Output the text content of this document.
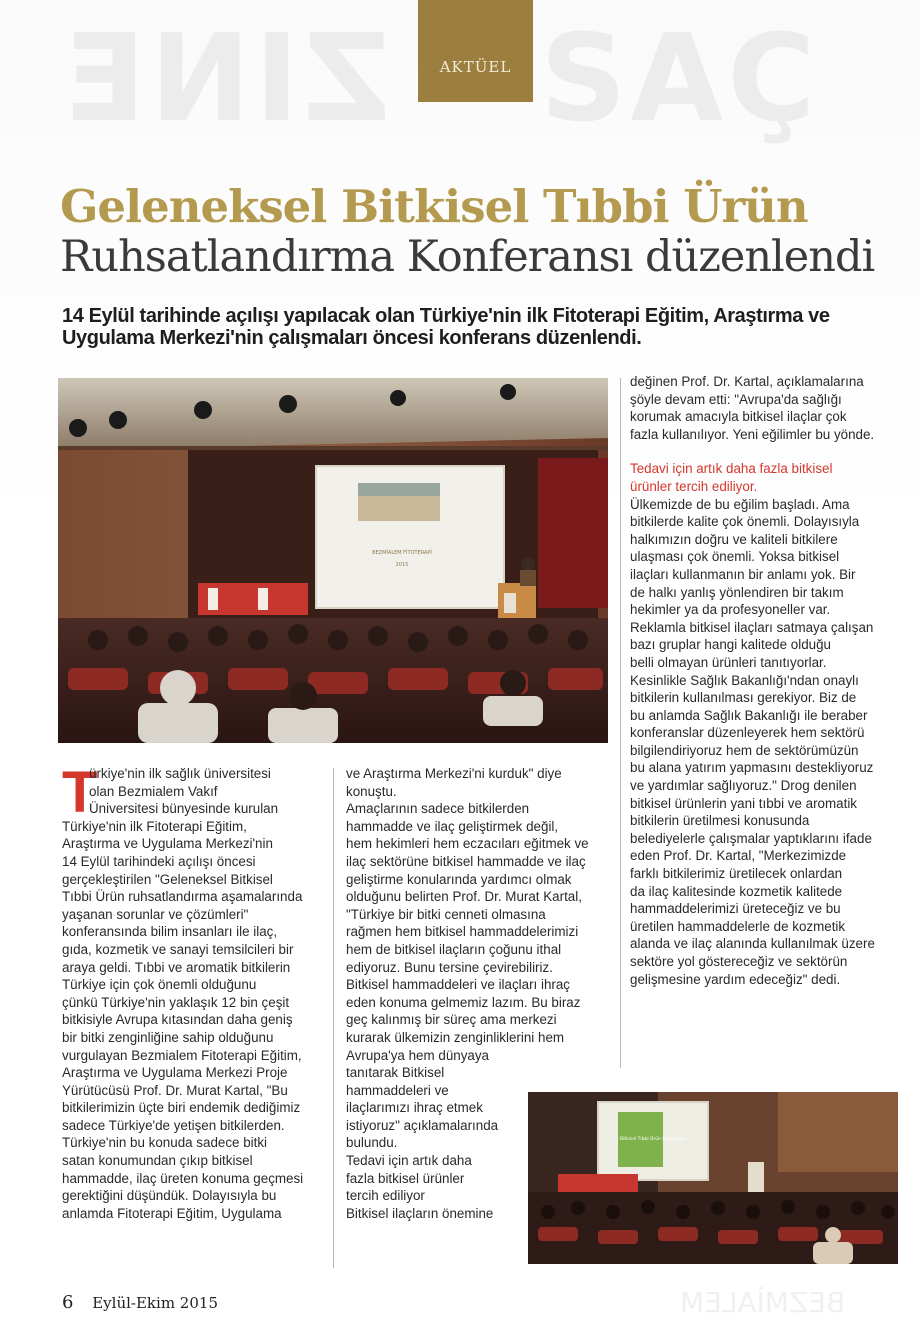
ZINE SAÇ
AKTÜEL
Geleneksel Bitkisel Tıbbi Ürün
Ruhsatlandırma Konferansı düzenlendi
14 Eylül tarihinde açılışı yapılacak olan Türkiye'nin ilk Fitoterapi Eğitim, Araştırma ve Uygulama Merkezi'nin çalışmaları öncesi konferans düzenlendi.
BEZMİALEM FİTOTERAPİ
2015
T

ürkiye'nin ilk sağlık üniversitesi

olan Bezmialem Vakıf

Üniversitesi bünyesinde kurulan

Türkiye'nin ilk Fitoterapi Eğitim,

Araştırma ve Uygulama Merkezi'nin

14 Eylül tarihindeki açılışı öncesi

gerçekleştirilen "Geleneksel Bitkisel

Tıbbi Ürün ruhsatlandırma aşamalarında

yaşanan sorunlar ve çözümleri"

konferansında bilim insanları ile ilaç,

gıda, kozmetik ve sanayi temsilcileri bir

araya geldi. Tıbbi ve aromatik bitkilerin

Türkiye için çok önemli olduğunu

çünkü Türkiye'nin yaklaşık 12 bin çeşit

bitkisiyle Avrupa kıtasından daha geniş

bir bitki zenginliğine sahip olduğunu

vurgulayan Bezmialem Fitoterapi Eğitim,

Araştırma ve Uygulama Merkezi Proje

Yürütücüsü Prof. Dr. Murat Kartal, "Bu

bitkilerimizin üçte biri endemik dediğimiz

sadece Türkiye'de yetişen bitkilerden.

Türkiye'nin bu konuda sadece bitki

satan konumundan çıkıp bitkisel

hammadde, ilaç üreten konuma geçmesi

gerektiğini düşündük. Dolayısıyla bu

anlamda Fitoterapi Eğitim, Uygulama

ve Araştırma Merkezi'ni kurduk" diye

konuştu.

Amaçlarının sadece bitkilerden

hammadde ve ilaç geliştirmek değil,

hem hekimleri hem eczacıları eğitmek ve

ilaç sektörüne bitkisel hammadde ve ilaç

geliştirme konularında yardımcı olmak

olduğunu belirten Prof. Dr. Murat Kartal,

"Türkiye bir bitki cenneti olmasına

rağmen hem bitkisel hammaddelerimizi

hem de bitkisel ilaçların çoğunu ithal

ediyoruz. Bunu tersine çevirebiliriz.

Bitkisel hammaddeleri ve ilaçları ihraç

eden konuma gelmemiz lazım. Bu biraz

geç kalınmış bir süreç ama merkezi

kurarak ülkemizin zenginliklerini hem

Avrupa'ya hem dünyaya

tanıtarak Bitkisel

hammaddeleri ve

ilaçlarımızı ihraç etmek

istiyoruz" açıklamalarında

bulundu.

Tedavi için artık daha

fazla bitkisel ürünler

tercih ediliyor

Bitkisel ilaçların önemine

değinen Prof. Dr. Kartal, açıklamalarına

şöyle devam etti: "Avrupa'da sağlığı

korumak amacıyla bitkisel ilaçlar çok

fazla kullanılıyor. Yeni eğilimler bu yönde.

Tedavi için artık daha fazla bitkisel

ürünler tercih ediliyor.

Ülkemizde de bu eğilim başladı. Ama

bitkilerde kalite çok önemli. Dolayısıyla

halkımızın doğru ve kaliteli bitkilere

ulaşması çok önemli. Yoksa bitkisel

ilaçları kullanmanın bir anlamı yok. Bir

de halkı yanlış yönlendiren bir takım

hekimler ya da profesyoneller var.

Reklamla bitkisel ilaçları satmaya çalışan

bazı gruplar hangi kalitede olduğu

belli olmayan ürünleri tanıtıyorlar.

Kesinlikle Sağlık Bakanlığı'ndan onaylı

bitkilerin kullanılması gerekiyor. Biz de

bu anlamda Sağlık Bakanlığı ile beraber

konferanslar düzenleyerek hem sektörü

bilgilendiriyoruz hem de sektörümüzün

bu alana yatırım yapmasını destekliyoruz

ve yardımlar sağlıyoruz." Drog denilen

bitkisel ürünlerin yani tıbbi ve aromatik

bitkilerin üretilmesi konusunda

belediyelerle çalışmalar yaptıklarını ifade

eden Prof. Dr. Kartal, "Merkezimizde

farklı bitkilerimiz üretilecek onlardan

da ilaç kalitesinde kozmetik kalitede

hammaddelerimizi üreteceğiz ve bu

üretilen hammaddelerle de kozmetik

alanda ve ilaç alanında kullanılmak üzere

sektöre yol göstereceğiz ve sektörün

gelişmesine yardım edeceğiz" dedi.

Bitkisel Tıbbi Ürün Konferansı
BEZMİALEM
6 Eylül-Ekim 2015
